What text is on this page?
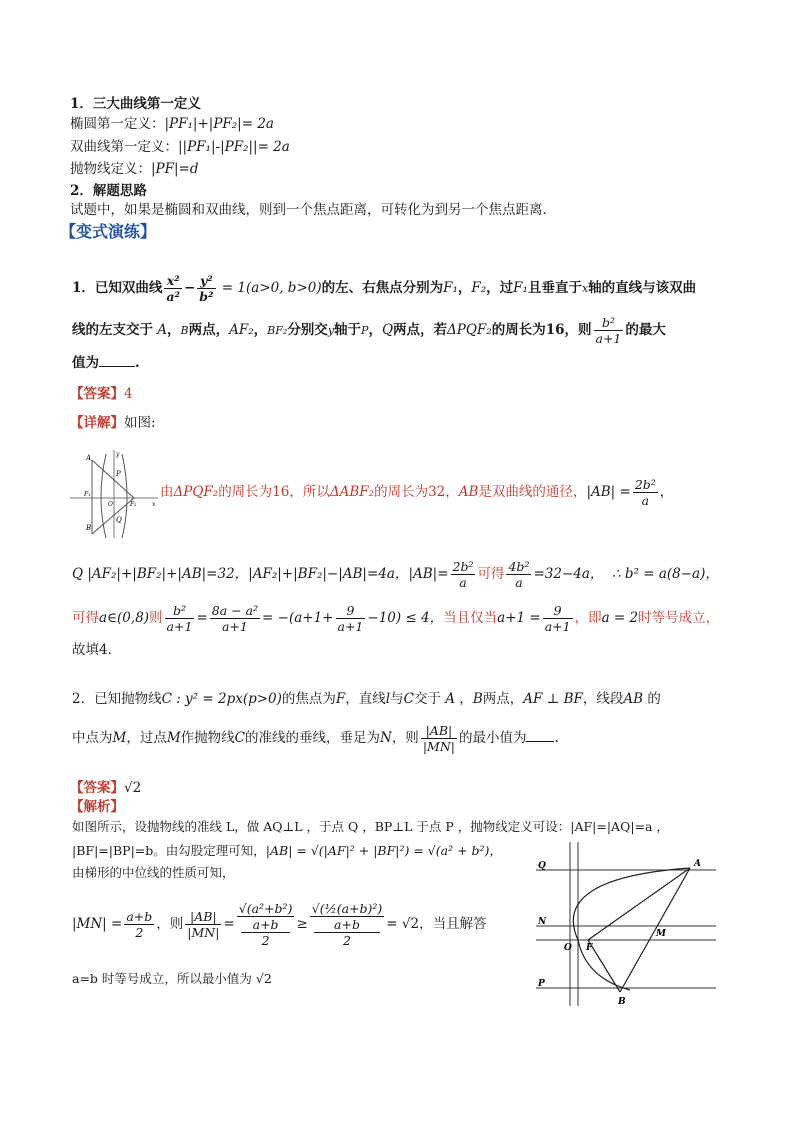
1．三大曲线第一定义
椭圆第一定义：|PF₁|+|PF₂|= 2a
双曲线第一定义：||PF₁|-|PF₂||= 2a
抛物线定义：|PF|=d
2．解题思路
试题中，如果是椭圆和双曲线，则到一个焦点距离，可转化为到另一个焦点距离．
【变式演练】
1．已知双曲线 $\frac{\text{x²}}{\text{a²}} - \frac{\text{y²}}{\text{b²}} = 1(a>0$, b>0)的左、右焦点分别为F₁，F₂，过F₁且垂直于x轴的直线与该双曲
线的左支交于 A，B两点，AF₂，BF₂分别交y轴于P，Q两点，若ΔPQF₂的周长为16，则 $\frac{\text{b²}}{a+1}$ 的最大
值为	.
【答案】4
【详解】如图:
A
P
F₁
O	F₂
Q
B
x
y
由ΔPQF₂的周长为16，所以ΔABF₂的周长为32，AB是双曲线的通径，$|AB| = \frac{\text{2b²}}{a}$ ，
Q |AF₂|+|BF₂|+|AB|=32，|AF₂|+|BF₂|−|AB|=4a，$|AB|= \frac{\text{2b²}}{a}$ 可得 $\frac{\text{4b²}}{a} =32-4a$， ∴ b² = a(8−a)，
可得a∈(0,8)则 $\frac{\text{b²}}{a+1} = \frac{\text{8a − a²}}{a+1} = -(a+1+ \frac{9}{a+1} -10) \le 4$，当且仅当$a+1 = \frac{9}{a+1}$ ，即a = 2时等号成立，
故填4．
2．已知抛物线C : y² = 2px(p>0)的焦点为F，直线l与C交于 A ，B两点，AF ⊥ BF，线段AB 的
中点为M，过点M作抛物线C的准线的垂线，垂足为N，则 $\frac{|AB|}{|MN|}$ 的最小值为 .
【答案】√2
【解析】
如图所示，设抛物线的准线 L，做 AQ⊥L ，于点 Q ，BP⊥L 于点 P ，抛物线定义可设：|AF|=|AQ|=a ，
|BF|=|BP|=b。由勾股定理可知，|AB| = √(|AF|² + |BF|²) = √(a² + b²)，
由梯形的中位线的性质可知，
$|MN| = \frac{a+b}{2}$ ，则 $\frac{|AB|}{|MN|} = √(a^2+b^2)$
a+b
2 ≥ √(½(a+b)²)
a+b
2 = √2，当且解答
a=b 时等号成立，所以最小值为 √2
Q
N
P
O F
M
A
B
